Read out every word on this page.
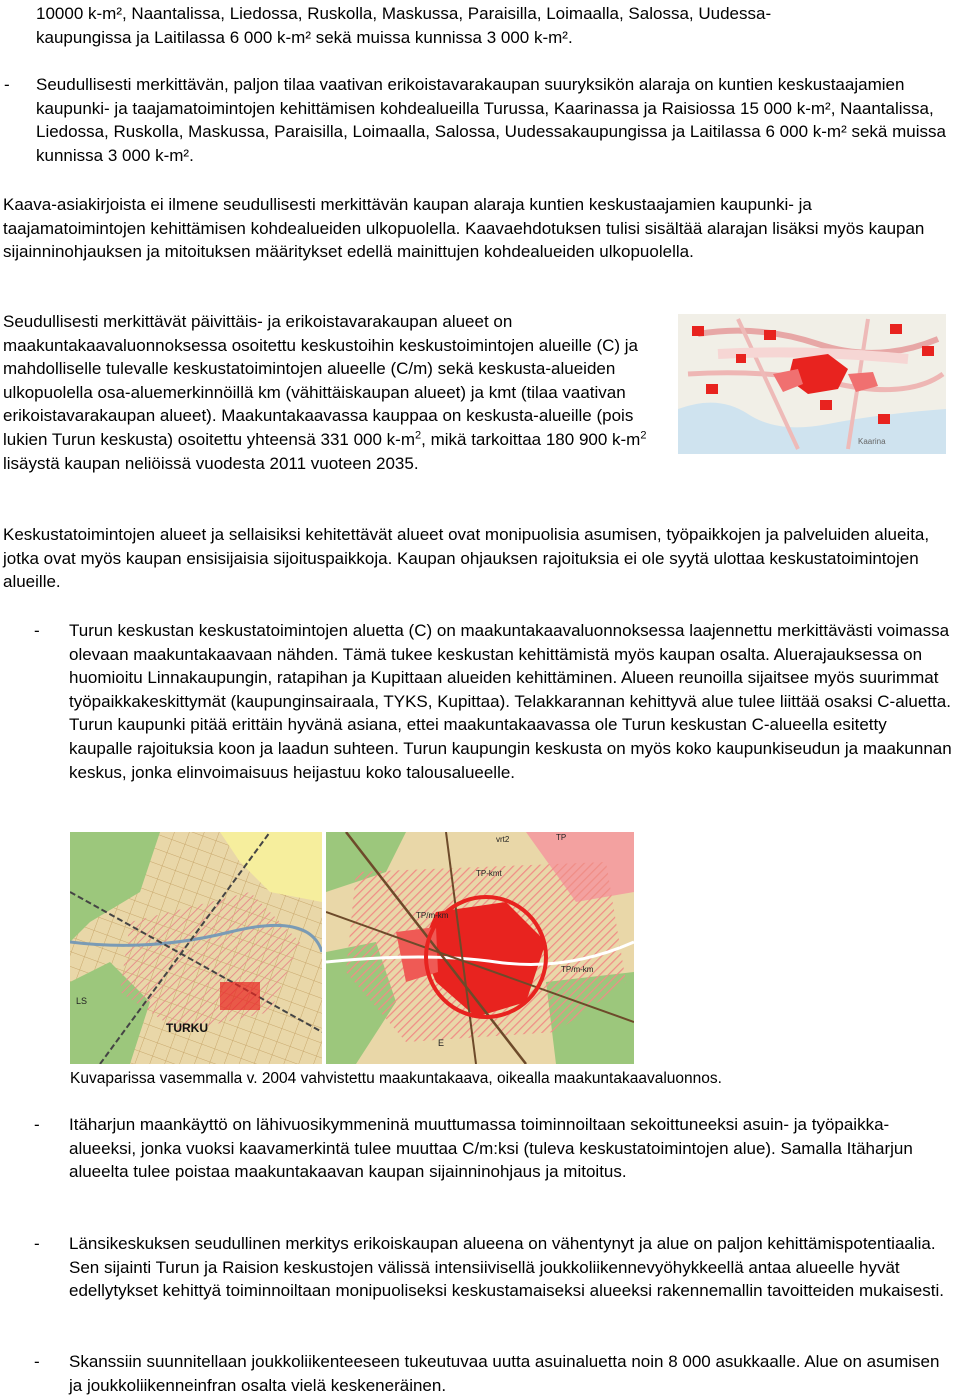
10000 k-m², Naantalissa, Liedossa, Ruskolla, Maskussa, Paraisilla, Loimaalla, Salossa, Uudessa-

kaupungissa ja Laitilassa 6 000 k-m² sekä muissa kunnissa 3 000 k-m².

- Seudullisesti merkittävän, paljon tilaa vaativan erikoistavarakaupan suuryksikön alaraja on kuntien keskustaajamien kaupunki- ja taajamatoimintojen kehittämisen kohdealueilla Turussa, Kaarinassa ja Raisiossa 15 000 k-m², Naantalissa, Liedossa, Ruskolla, Maskussa, Paraisilla, Loimaalla, Salossa, Uudessakaupungissa ja Laitilassa 6 000 k-m² sekä muissa kunnissa 3 000 k-m².

Kaava-asiakirjoista ei ilmene seudullisesti merkittävän kaupan alaraja kuntien keskustaajamien kaupunki- ja taajamatoimintojen kehittämisen kohdealueiden ulkopuolella. Kaavaehdotuksen tulisi sisältää alarajan lisäksi myös kaupan sijainninohjauksen ja mitoituksen määritykset edellä mainittujen kohdealueiden ulkopuolella.

Seudullisesti merkittävät päivittäis- ja erikoistavarakaupan alueet on maakuntakaavaluonnoksessa osoitettu keskustoihin keskustoimintojen alueille (C) ja mahdolliselle tulevalle keskustatoimintojen alueelle (C/m) sekä keskusta-alueiden ulkopuolella osa-aluemerkinnöillä km (vähittäiskaupan alueet) ja kmt (tilaa vaativan erikoistavarakaupan alueet). Maakuntakaavassa kauppaa on keskusta-alueille (pois lukien Turun keskusta) osoitettu yhteensä 331 000 $k-m^2$, mikä tarkoittaa 180 900 $k-m^2$ lisäystä kaupan neliöissä vuodesta 2011 vuoteen 2035.

Kaarina

Keskustatoimintojen alueet ja sellaisiksi kehitettävät alueet ovat monipuolisia asumisen, työpaikkojen ja palveluiden alueita, jotka ovat myös kaupan ensisijaisia sijoituspaikkoja. Kaupan ohjauksen rajoituksia ei ole syytä ulottaa keskustatoimintojen alueille.

- Turun keskustan keskustatoimintojen aluetta (C) on maakuntakaavaluonnoksessa laajennettu merkittävästi voimassa olevaan maakuntakaavaan nähden. Tämä tukee keskustan kehittämistä myös kaupan osalta. Aluerajauksessa on huomioitu Linnakaupungin, ratapihan ja Kupittaan alueiden kehittäminen. Alueen reunoilla sijaitsee myös suurimmat työpaikkakeskittymät (kaupunginsairaala, TYKS, Kupittaa). Telakkarannan kehittyvä alue tulee liittää osaksi C-aluetta. Turun kaupunki pitää erittäin hyvänä asiana, ettei maakuntakaavassa ole Turun keskustan C-alueella esitetty kaupalle rajoituksia koon ja laadun suhteen. Turun kaupungin keskusta on myös koko kaupunkiseudun ja maakunnan keskus, jonka elinvoimaisuus heijastuu koko talousalueelle.

TURKU
LS
TP-kmt
TP/m-km
TP/m-km
TP
vrt2
E

Kuvaparissa vasemmalla v. 2004 vahvistettu maakuntakaava, oikealla maakuntakaavaluonnos.

- Itäharjun maankäyttö on lähivuosikymmeninä muuttumassa toiminnoiltaan sekoittuneeksi asuin- ja työpaikka-alueeksi, jonka vuoksi kaavamerkintä tulee muuttaa C/m:ksi (tuleva keskustatoimintojen alue). Samalla Itäharjun alueelta tulee poistaa maakuntakaavan kaupan sijainninohjaus ja mitoitus.

- Länsikeskuksen seudullinen merkitys erikoiskaupan alueena on vähentynyt ja alue on paljon kehittämispotentiaalia. Sen sijainti Turun ja Raision keskustojen välissä intensiivisellä joukkoliikennevyöhykkeellä antaa alueelle hyvät edellytykset kehittyä toiminnoiltaan monipuoliseksi keskustamaiseksi alueeksi rakennemallin tavoitteiden mukaisesti.

- Skanssiin suunnitellaan joukkoliikenteeseen tukeutuvaa uutta asuinaluetta noin 8 000 asukkaalle. Alue on asumisen ja joukkoliikenneinfran osalta vielä keskeneräinen.
